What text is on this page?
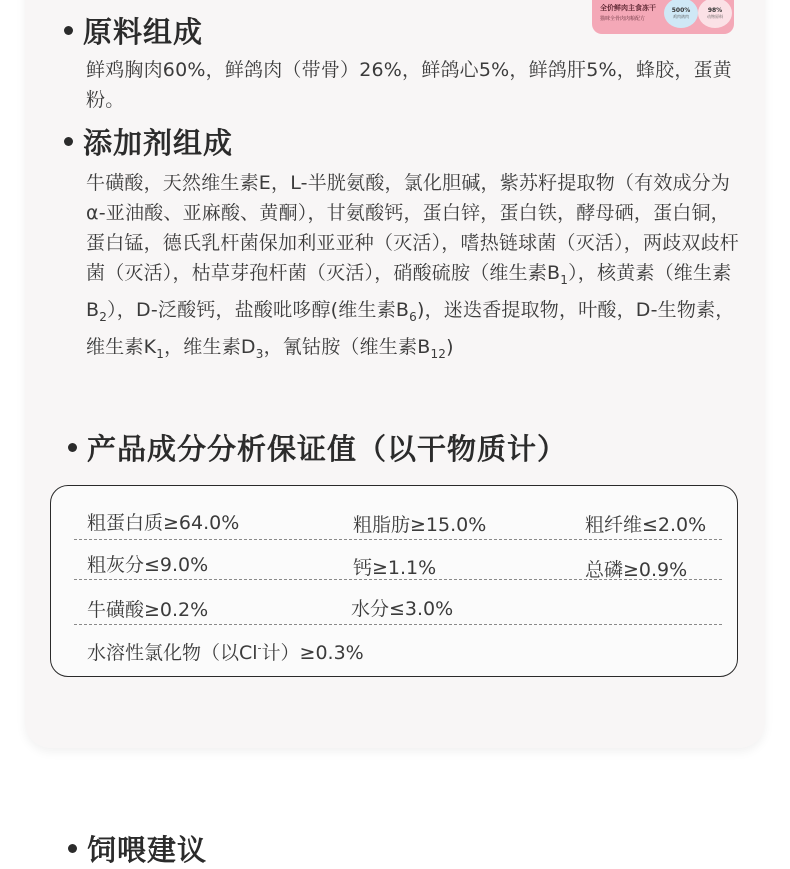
全价鲜肉主食冻干
猫咪全骨肉肉粮配方
500%
鸡肉鸽肉
98%
动物原料
原料组成
鲜鸡胸肉60%，鲜鸽肉（带骨）26%，鲜鸽心5%，鲜鸽肝5%，蜂胶，蛋黄粉。
添加剂组成
牛磺酸，天然维生素E，L-半胱氨酸，氯化胆碱，紫苏籽提取物（有效成分为α-亚油酸、亚麻酸、黄酮），甘氨酸钙，蛋白锌，蛋白铁，酵母硒，蛋白铜，蛋白锰，德氏乳杆菌保加利亚亚种（灭活），嗜热链球菌（灭活），两歧双歧杆菌（灭活），枯草芽孢杆菌（灭活），硝酸硫胺（维生素$B_1$），核黄素（维生素$B_2$），D-泛酸钙，盐酸吡哆醇(维生素$B_6$)，迷迭香提取物，叶酸，D-生物素，维生素$K_1$，维生素$D_3$，氰钴胺（维生素$B_{12}$)
产品成分分析保证值（以干物质计）
粗蛋白质≥64.0%	粗脂肪≥15.0%	粗纤维≤2.0%
粗灰分≤9.0%	钙≥1.1%	总磷≥0.9%
牛磺酸≥0.2%	水分≤3.0%
水溶性氯化物（以Cl-计）≥0.3%
饲喂建议
